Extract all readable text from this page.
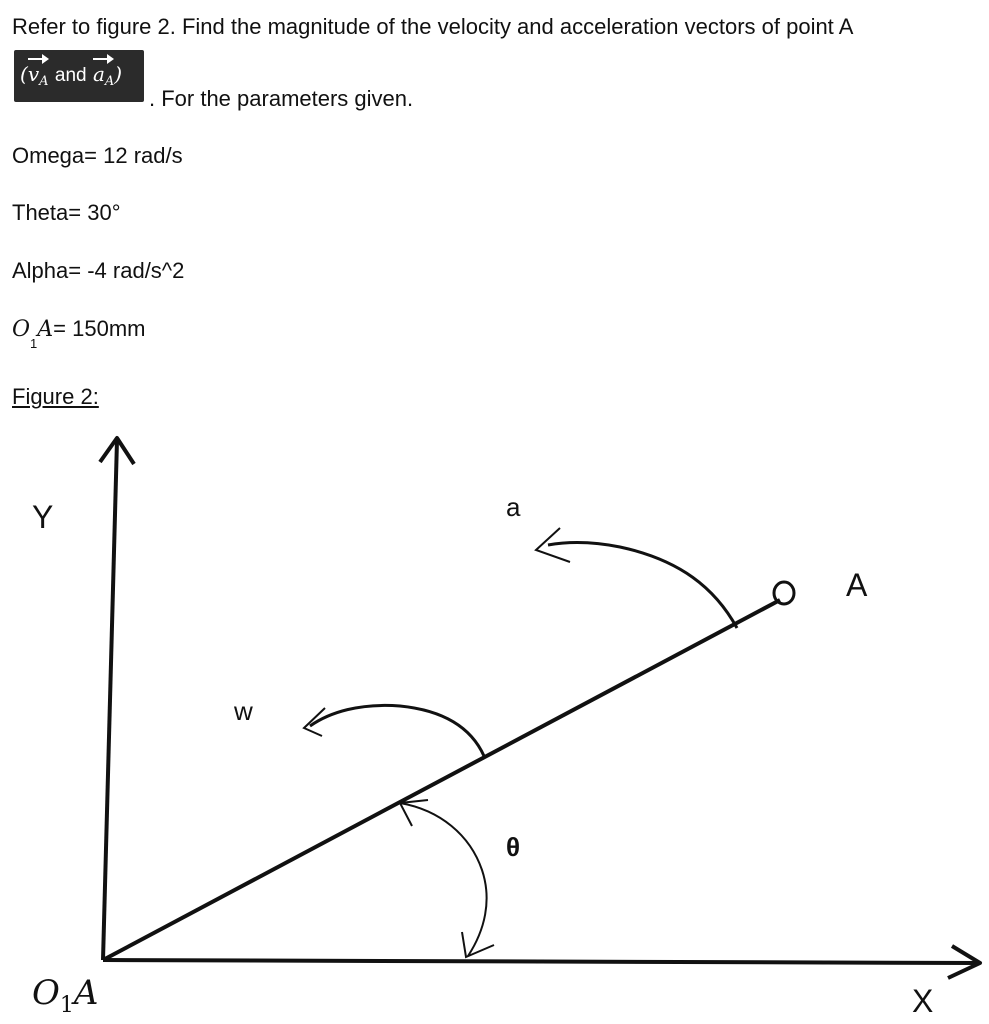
Refer to figure 2. Find the magnitude of the velocity and acceleration vectors of point A
($v_A$ and $a_A$)
. For the parameters given.
Omega= 12 rad/s
Theta= 30°
Alpha= -4 rad/s^2
$O_1A= 150mm$
Figure 2:
Y
X
A
a
w
θ
$O_1A$
